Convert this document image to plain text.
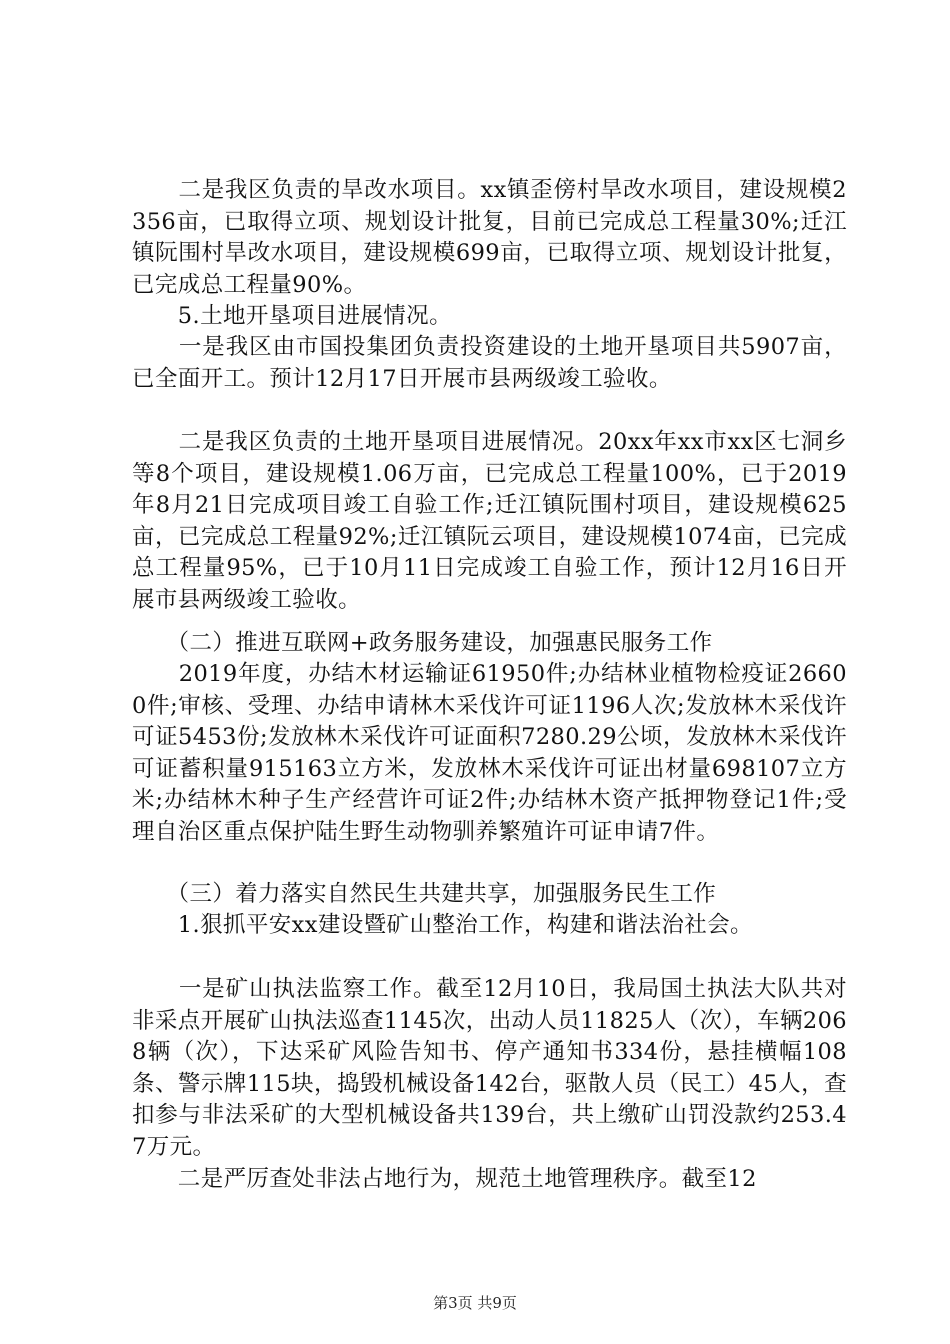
　　二是我区负责的旱改水项目。xx镇歪傍村旱改水项目，建设规模2356亩，已取得立项、规划设计批复，目前已完成总工程量30%;迁江镇阮围村旱改水项目，建设规模699亩，已取得立项、规划设计批复，已完成总工程量90%。

　　5.土地开垦项目进展情况。

　　一是我区由市国投集团负责投资建设的土地开垦项目共5907亩，已全面开工。预计12月17日开展市县两级竣工验收。

　　二是我区负责的土地开垦项目进展情况。20xx年xx市xx区七洞乡等8个项目，建设规模1.06万亩，已完成总工程量100%，已于2019年8月21日完成项目竣工自验工作;迁江镇阮围村项目，建设规模625亩，已完成总工程量92%;迁江镇阮云项目，建设规模1074亩，已完成总工程量95%，已于10月11日完成竣工自验工作，预计12月16日开展市县两级竣工验收。

　　（二）推进互联网+政务服务建设，加强惠民服务工作

　　2019年度，办结木材运输证61950件;办结林业植物检疫证26600件;审核、受理、办结申请林木采伐许可证1196人次;发放林木采伐许可证5453份;发放林木采伐许可证面积7280.29公顷，发放林木采伐许可证蓄积量915163立方米，发放林木采伐许可证出材量698107立方米;办结林木种子生产经营许可证2件;办结林木资产抵押物登记1件;受理自治区重点保护陆生野生动物驯养繁殖许可证申请7件。

　　（三）着力落实自然民生共建共享，加强服务民生工作

　　1.狠抓平安xx建设暨矿山整治工作，构建和谐法治社会。

　　一是矿山执法监察工作。截至12月10日，我局国土执法大队共对非采点开展矿山执法巡查1145次，出动人员11825人（次），车辆2068辆（次），下达采矿风险告知书、停产通知书334份，悬挂横幅108条、警示牌115块，捣毁机械设备142台，驱散人员（民工）45人，查扣参与非法采矿的大型机械设备共139台，共上缴矿山罚没款约253.47万元。

　　二是严厉查处非法占地行为，规范土地管理秩序。截至12

第3页 共9页
